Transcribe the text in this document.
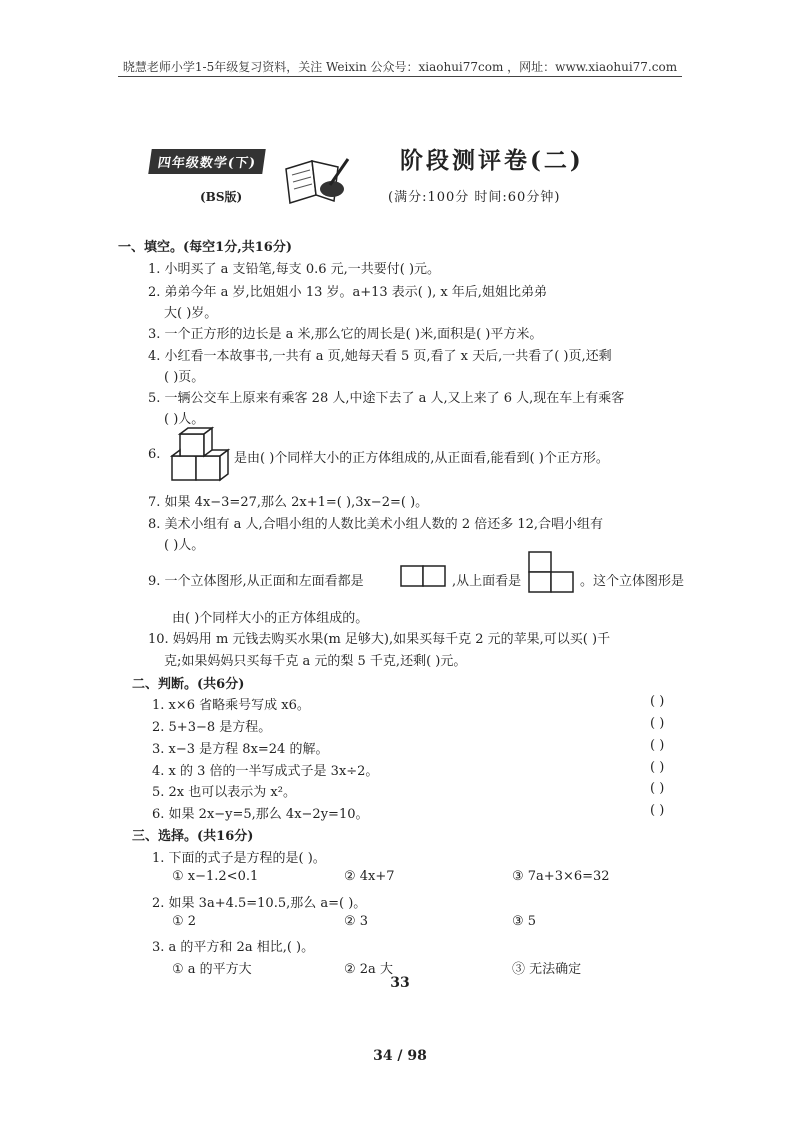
晓慧老师小学1-5年级复习资料，关注 Weixin 公众号：xiaohui77com ，网址：www.xiaohui77.com
四年级数学(下)
(BS版)
阶段测评卷(二)
(满分:100分 时间:60分钟)
一、填空。(每空1分,共16分)
1. 小明买了 a 支铅笔,每支 0.6 元,一共要付( )元。
2. 弟弟今年 a 岁,比姐姐小 13 岁。a+13 表示( ), x 年后,姐姐比弟弟
大( )岁。
3. 一个正方形的边长是 a 米,那么它的周长是( )米,面积是( )平方米。
4. 小红看一本故事书,一共有 a 页,她每天看 5 页,看了 x 天后,一共看了( )页,还剩
( )页。
5. 一辆公交车上原来有乘客 28 人,中途下去了 a 人,又上来了 6 人,现在车上有乘客
( )人。
6.	是由( )个同样大小的正方体组成的,从正面看,能看到( )个正方形。
7. 如果 4x−3=27,那么 2x+1=( ),3x−2=( )。
8. 美术小组有 a 人,合唱小组的人数比美术小组人数的 2 倍还多 12,合唱小组有
( )人。
9. 一个立体图形,从正面和左面看都是	,从上面看是	。这个立体图形是
由( )个同样大小的正方体组成的。
10. 妈妈用 m 元钱去购买水果(m 足够大),如果买每千克 2 元的苹果,可以买( )千
克;如果妈妈只买每千克 a 元的梨 5 千克,还剩( )元。
二、判断。(共6分)
1. x×6 省略乘号写成 x6。	( )
2. 5+3−8 是方程。	( )
3. x−3 是方程 8x=24 的解。	( )
4. x 的 3 倍的一半写成式子是 3x÷2。	( )
5. 2x 也可以表示为 x²。	( )
6. 如果 2x−y=5,那么 4x−2y=10。	( )
三、选择。(共16分)
1. 下面的式子是方程的是( )。
① x−1.2<0.1	② 4x+7	③ 7a+3×6=32
2. 如果 3a+4.5=10.5,那么 a=( )。
① 2	② 3	③ 5
3. a 的平方和 2a 相比,( )。
① a 的平方大	② 2a 大	③ 无法确定
33
34 / 98
